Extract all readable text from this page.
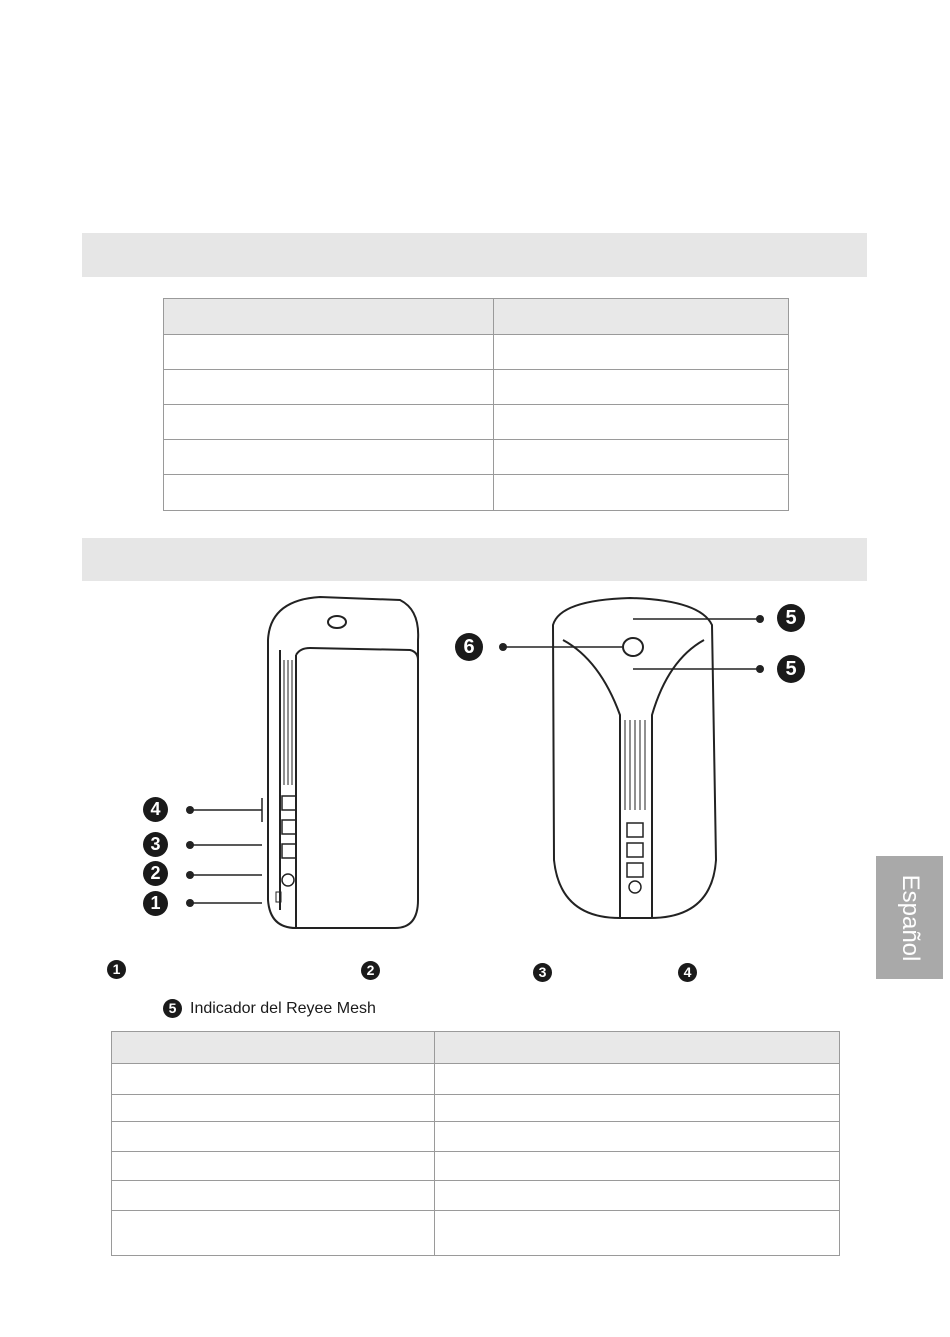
4
3
2
1
6
5
5
1	2	3	4
5 Indicador del Reyee Mesh

Español
